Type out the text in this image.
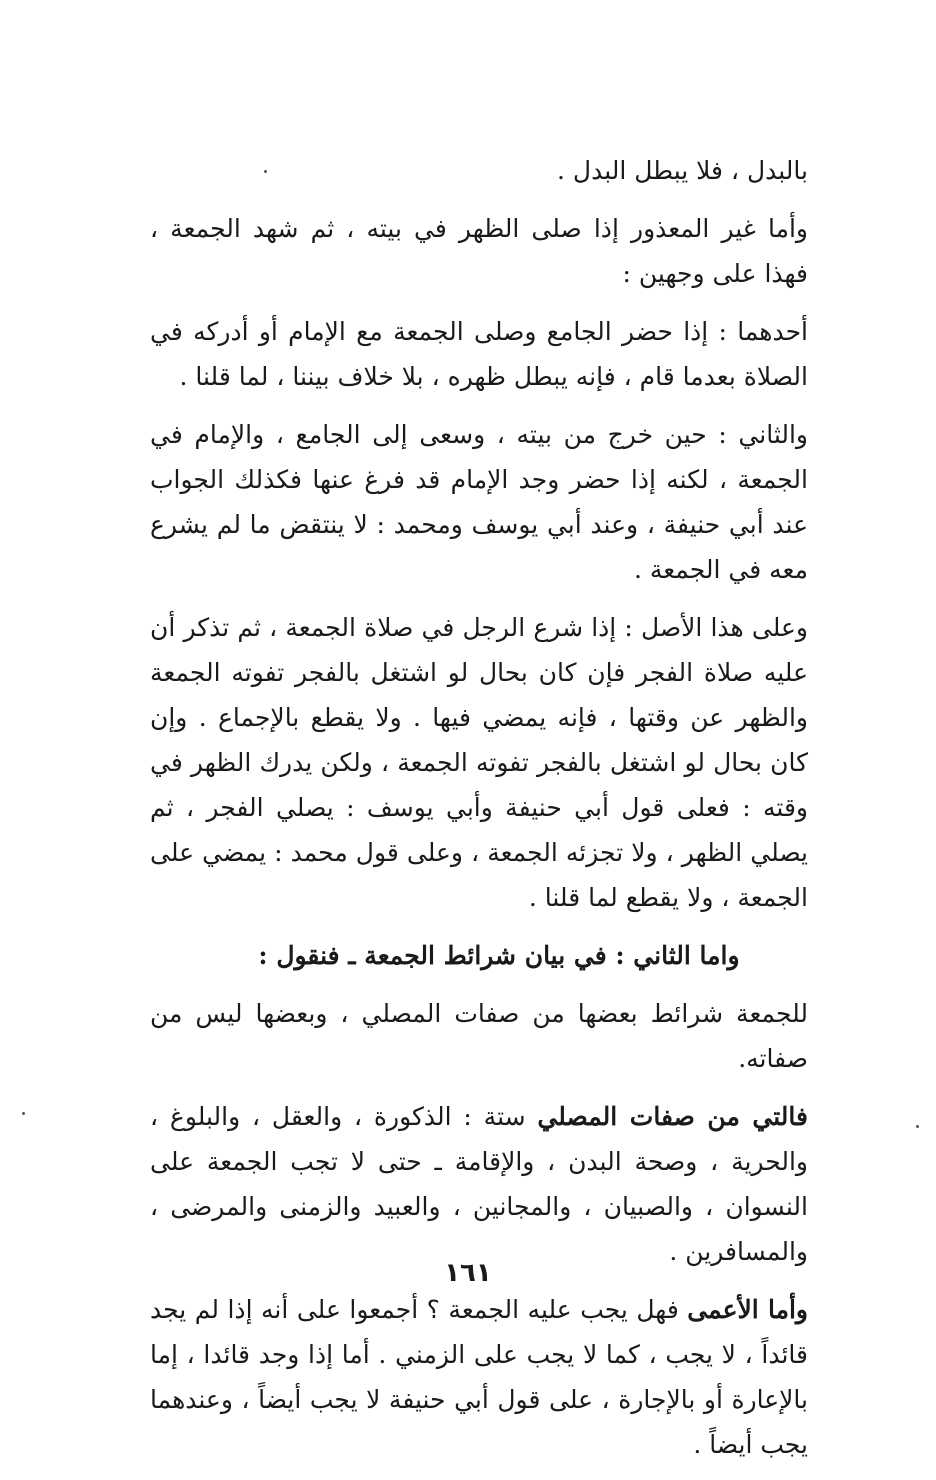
بالبدل ، فلا يبطل البدل .

وأما غير المعذور إذا صلى الظهر في بيته ، ثم شهد الجمعة ، فهذا على وجهين :

أحدهما : إذا حضر الجامع وصلى الجمعة مع الإمام أو أدركه في الصلاة بعدما قام ، فإنه يبطل ظهره ، بلا خلاف بيننا ، لما قلنا .

والثاني : حين خرج من بيته ، وسعى إلى الجامع ، والإمام في الجمعة ، لكنه إذا حضر وجد الإمام قد فرغ عنها فكذلك الجواب عند أبي حنيفة ، وعند أبي يوسف ومحمد : لا ينتقض ما لم يشرع معه في الجمعة .

وعلى هذا الأصل : إذا شرع الرجل في صلاة الجمعة ، ثم تذكر أن عليه صلاة الفجر فإن كان بحال لو اشتغل بالفجر تفوته الجمعة والظهر عن وقتها ، فإنه يمضي فيها . ولا يقطع بالإجماع . وإن كان بحال لو اشتغل بالفجر تفوته الجمعة ، ولكن يدرك الظهر في وقته : فعلى قول أبي حنيفة وأبي يوسف : يصلي الفجر ، ثم يصلي الظهر ، ولا تجزئه الجمعة ، وعلى قول محمد : يمضي على الجمعة ، ولا يقطع لما قلنا .

واما الثاني : في بيان شرائط الجمعة ـ فنقول :

للجمعة شرائط بعضها من صفات المصلي ، وبعضها ليس من صفاته.

فالتي من صفات المصلي ستة : الذكورة ، والعقل ، والبلوغ ، والحرية ، وصحة البدن ، والإقامة ـ حتى لا تجب الجمعة على النسوان ، والصبيان ، والمجانين ، والعبيد والزمنى والمرضى ، والمسافرين .

وأما الأعمى فهل يجب عليه الجمعة ؟ أجمعوا على أنه إذا لم يجد قائداً ، لا يجب ، كما لا يجب على الزمني . أما إذا وجد قائدا ، إما بالإعارة أو بالإجارة ، على قول أبي حنيفة لا يجب أيضاً ، وعندهما يجب أيضاً .

١٦١
